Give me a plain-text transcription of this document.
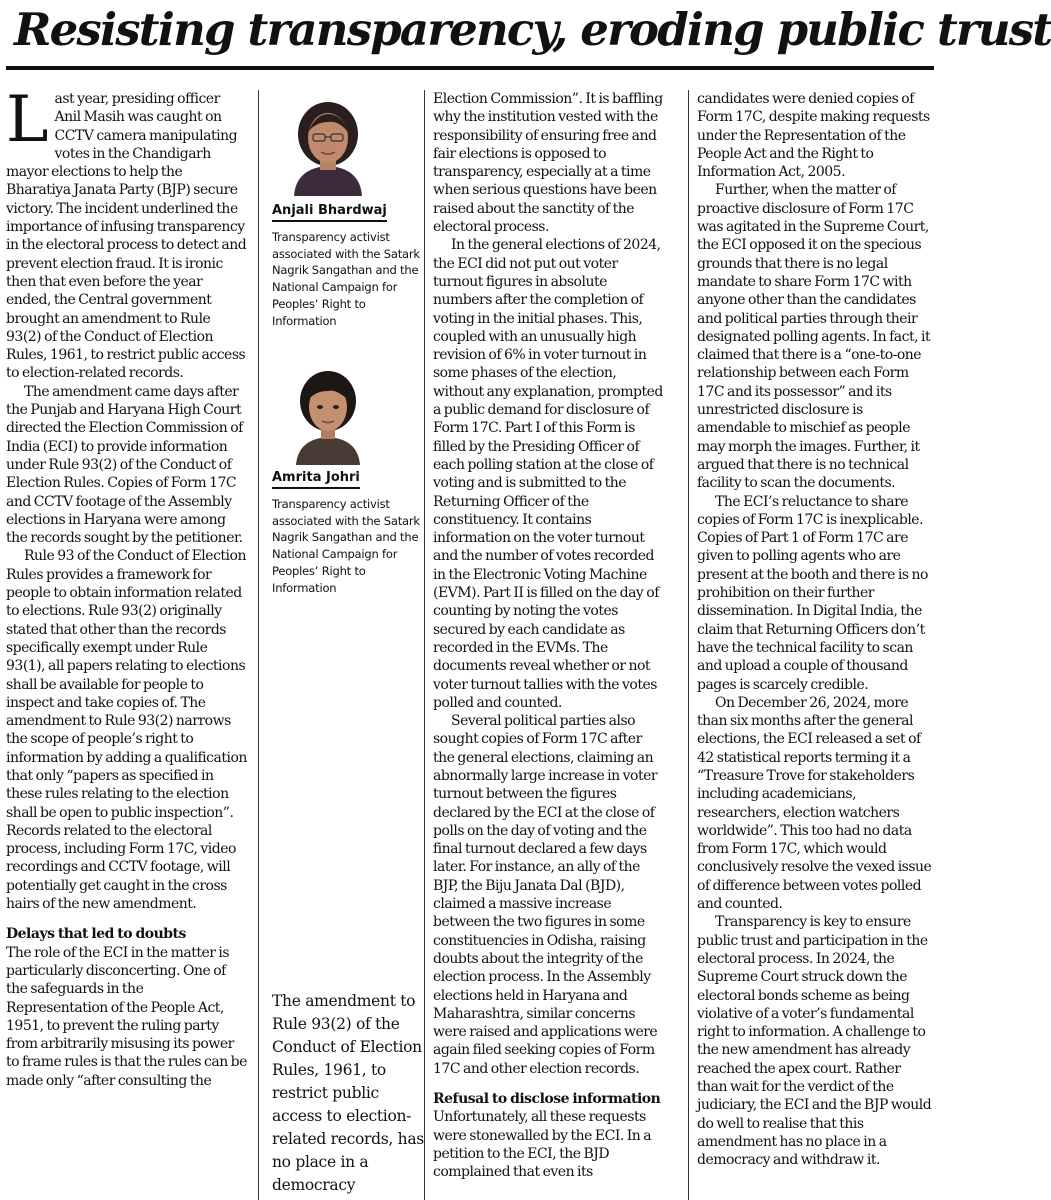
Resisting transparency, eroding public trust

Last year, presiding officer Anil Masih was caught on CCTV camera manipulating votes in the Chandigarh mayor elections to help the Bharatiya Janata Party (BJP) secure victory. The incident underlined the importance of infusing transparency in the electoral process to detect and prevent election fraud. It is ironic then that even before the year ended, the Central government brought an amendment to Rule 93(2) of the Conduct of Election Rules, 1961, to restrict public access to election-related records.

The amendment came days after the Punjab and Haryana High Court directed the Election Commission of India (ECI) to provide information under Rule 93(2) of the Conduct of Election Rules. Copies of Form 17C and CCTV footage of the Assembly elections in Haryana were among the records sought by the petitioner.

Rule 93 of the Conduct of Election Rules provides a framework for people to obtain information related to elections. Rule 93(2) originally stated that other than the records specifically exempt under Rule 93(1), all papers relating to elections shall be available for people to inspect and take copies of. The amendment to Rule 93(2) narrows the scope of people’s right to information by adding a qualification that only “papers as specified in these rules relating to the election shall be open to public inspection”. Records related to the electoral process, including Form 17C, video recordings and CCTV footage, will potentially get caught in the cross hairs of the new amendment.

Delays that led to doubts

The role of the ECI in the matter is particularly disconcerting. One of the safeguards in the Representation of the People Act, 1951, to prevent the ruling party from arbitrarily misusing its power to frame rules is that the rules can be made only “after consulting the

Anjali Bhardwaj
Transparency activist associated with the Satark Nagrik Sangathan and the National Campaign for Peoples’ Right to Information
Amrita Johri
Transparency activist associated with the Satark Nagrik Sangathan and the National Campaign for Peoples’ Right to Information
The amendment to Rule 93(2) of the Conduct of Election Rules, 1961, to restrict public access to election-related records, has no place in a democracy

Election Commission”. It is baffling why the institution vested with the responsibility of ensuring free and fair elections is opposed to transparency, especially at a time when serious questions have been raised about the sanctity of the electoral process.

In the general elections of 2024, the ECI did not put out voter turnout figures in absolute numbers after the completion of voting in the initial phases. This, coupled with an unusually high revision of 6% in voter turnout in some phases of the election, without any explanation, prompted a public demand for disclosure of Form 17C. Part I of this Form is filled by the Presiding Officer of each polling station at the close of voting and is submitted to the Returning Officer of the constituency. It contains information on the voter turnout and the number of votes recorded in the Electronic Voting Machine (EVM). Part II is filled on the day of counting by noting the votes secured by each candidate as recorded in the EVMs. The documents reveal whether or not voter turnout tallies with the votes polled and counted.

Several political parties also sought copies of Form 17C after the general elections, claiming an abnormally large increase in voter turnout between the figures declared by the ECI at the close of polls on the day of voting and the final turnout declared a few days later. For instance, an ally of the BJP, the Biju Janata Dal (BJD), claimed a massive increase between the two figures in some constituencies in Odisha, raising doubts about the integrity of the election process. In the Assembly elections held in Haryana and Maharashtra, similar concerns were raised and applications were again filed seeking copies of Form 17C and other election records.

Refusal to disclose information

Unfortunately, all these requests were stonewalled by the ECI. In a petition to the ECI, the BJD complained that even its

candidates were denied copies of Form 17C, despite making requests under the Representation of the People Act and the Right to Information Act, 2005.

Further, when the matter of proactive disclosure of Form 17C was agitated in the Supreme Court, the ECI opposed it on the specious grounds that there is no legal mandate to share Form 17C with anyone other than the candidates and political parties through their designated polling agents. In fact, it claimed that there is a “one-to-one relationship between each Form 17C and its possessor” and its unrestricted disclosure is amendable to mischief as people may morph the images. Further, it argued that there is no technical facility to scan the documents.

The ECI’s reluctance to share copies of Form 17C is inexplicable. Copies of Part 1 of Form 17C are given to polling agents who are present at the booth and there is no prohibition on their further dissemination. In Digital India, the claim that Returning Officers don’t have the technical facility to scan and upload a couple of thousand pages is scarcely credible.

On December 26, 2024, more than six months after the general elections, the ECI released a set of 42 statistical reports terming it a “Treasure Trove for stakeholders including academicians, researchers, election watchers worldwide”. This too had no data from Form 17C, which would conclusively resolve the vexed issue of difference between votes polled and counted.

Transparency is key to ensure public trust and participation in the electoral process. In 2024, the Supreme Court struck down the electoral bonds scheme as being violative of a voter’s fundamental right to information. A challenge to the new amendment has already reached the apex court. Rather than wait for the verdict of the judiciary, the ECI and the BJP would do well to realise that this amendment has no place in a democracy and withdraw it.
